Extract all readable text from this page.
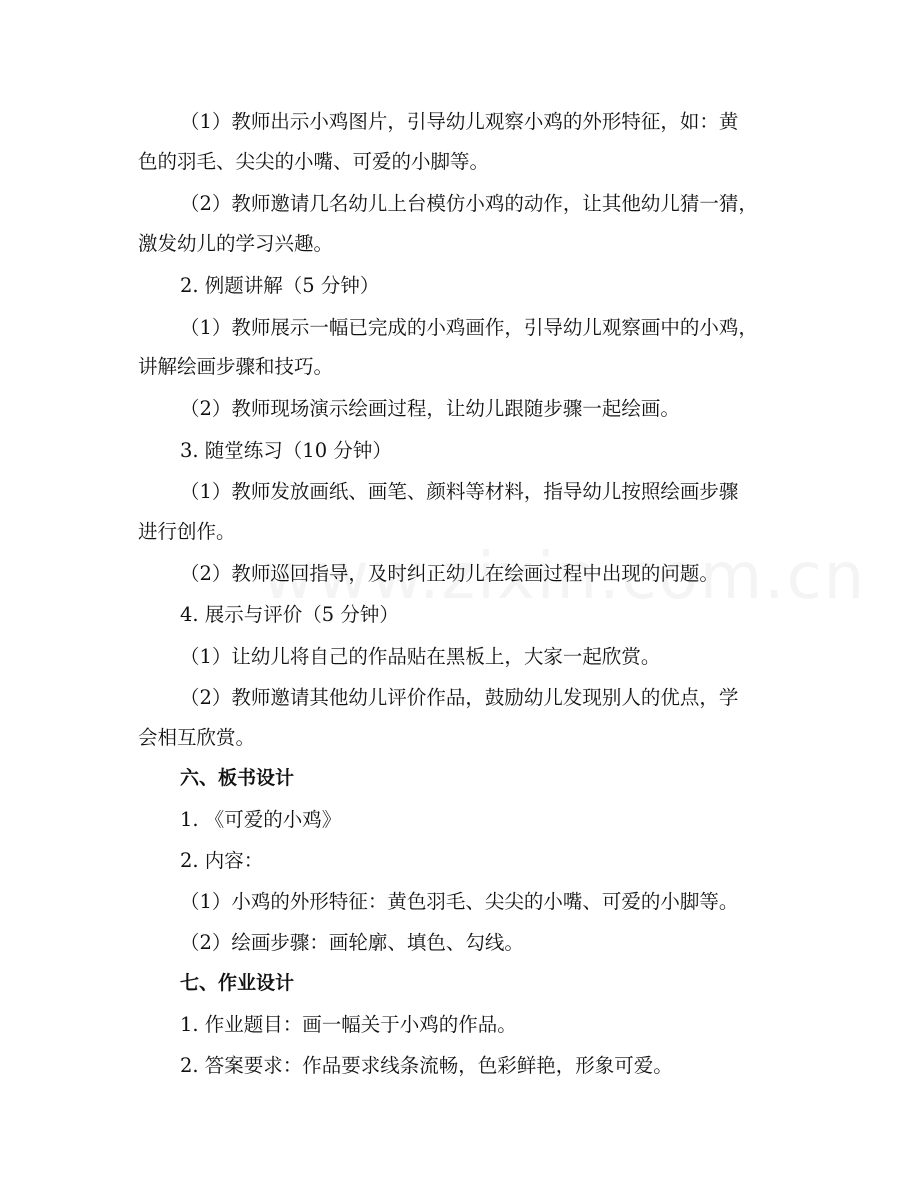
（1）教师出示小鸡图片，引导幼儿观察小鸡的外形特征，如：黄
色的羽毛、尖尖的小嘴、可爱的小脚等。
（2）教师邀请几名幼儿上台模仿小鸡的动作，让其他幼儿猜一猜，
激发幼儿的学习兴趣。
2. 例题讲解（5 分钟）
（1）教师展示一幅已完成的小鸡画作，引导幼儿观察画中的小鸡，
讲解绘画步骤和技巧。
（2）教师现场演示绘画过程，让幼儿跟随步骤一起绘画。
3. 随堂练习（10 分钟）
（1）教师发放画纸、画笔、颜料等材料，指导幼儿按照绘画步骤
进行创作。
（2）教师巡回指导，及时纠正幼儿在绘画过程中出现的问题。
4. 展示与评价（5 分钟）
（1）让幼儿将自己的作品贴在黑板上，大家一起欣赏。
（2）教师邀请其他幼儿评价作品，鼓励幼儿发现别人的优点，学
会相互欣赏。
六、板书设计
1. 《可爱的小鸡》
2. 内容：
（1）小鸡的外形特征：黄色羽毛、尖尖的小嘴、可爱的小脚等。
（2）绘画步骤：画轮廓、填色、勾线。
七、作业设计
1. 作业题目：画一幅关于小鸡的作品。
2. 答案要求：作品要求线条流畅，色彩鲜艳，形象可爱。
